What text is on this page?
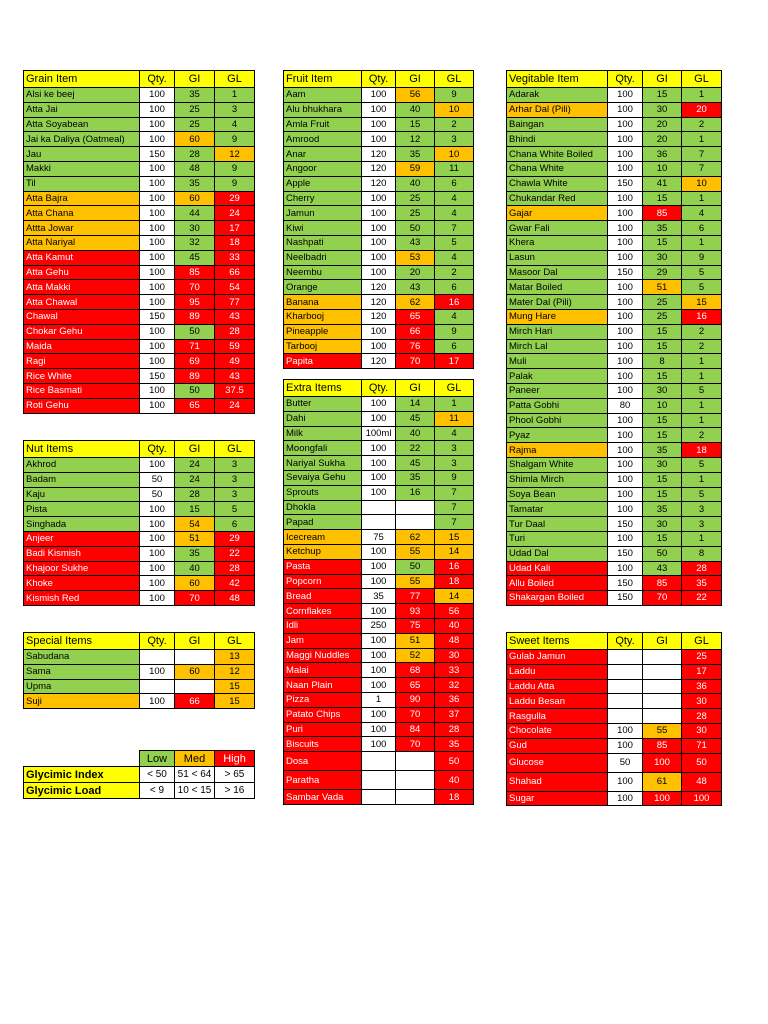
Grain Item	Qty.	GI	GL
Alsi ke beej	100	35	1
Atta Jai	100	25	3
Atta Soyabean	100	25	4
Jai ka Daliya (Oatmeal)	100	60	9
Jau	150	28	12
Makki	100	48	9
Til	100	35	9
Atta Bajra	100	60	29
Atta Chana	100	44	24
Attta Jowar	100	30	17
Atta Nariyal	100	32	18
Atta Kamut	100	45	33
Atta Gehu	100	85	66
Atta Makki	100	70	54
Atta Chawal	100	95	77
Chawal	150	89	43
Chokar Gehu	100	50	28
Maida	100	71	59
Ragi	100	69	49
Rice White	150	89	43
Rice Basmati	100	50	37.5
Roti Gehu	100	65	24
Fruit Item	Qty.	GI	GL
Aam	100	56	9
Alu bhukhara	100	40	10
Amla Fruit	100	15	2
Amrood	100	12	3
Anar	120	35	10
Angoor	120	59	11
Apple	120	40	6
Cherry	100	25	4
Jamun	100	25	4
Kiwi	100	50	7
Nashpati	100	43	5
Neelbadri	100	53	4
Neembu	100	20	2
Orange	120	43	6
Banana	120	62	16
Kharbooj	120	65	4
Pineapple	100	66	9
Tarbooj	100	76	6
Papita	120	70	17
Vegitable Item	Qty.	GI	GL
Adarak	100	15	1
Arhar Dal (Pili)	100	30	20
Baingan	100	20	2
Bhindi	100	20	1
Chana White Boiled	100	36	7
Chana White	100	10	7
Chawla White	150	41	10
Chukandar Red	100	15	1
Gajar	100	85	4
Gwar Fali	100	35	6
Khera	100	15	1
Lasun	100	30	9
Masoor Dal	150	29	5
Matar Boiled	100	51	5
Mater Dal (Pili)	100	25	15
Mung Hare	100	25	16
Mirch Hari	100	15	2
Mirch Lal	100	15	2
Muli	100	8	1
Palak	100	15	1
Paneer	100	30	5
Patta Gobhi	80	10	1
Phool Gobhi	100	15	1
Pyaz	100	15	2
Rajma	100	35	18
Shalgam White	100	30	5
Shimla Mirch	100	15	1
Soya Bean	100	15	5
Tamatar	100	35	3
Tur Daal	150	30	3
Turi	100	15	1
Udad Dal	150	50	8
Udad Kali	100	43	28
Allu Boiled	150	85	35
Shakargan Boiled	150	70	22
Nut Items	Qty.	GI	GL
Akhrod	100	24	3
Badam	50	24	3
Kaju	50	28	3
Pista	100	15	5
Singhada	100	54	6
Anjeer	100	51	29
Badi Kismish	100	35	22
Khajoor Sukhe	100	40	28
Khoke	100	60	42
Kismish Red	100	70	48
Extra Items	Qty.	GI	GL
Butter	100	14	1
Dahi	100	45	11
Milk	100ml	40	4
Moongfali	100	22	3
Nariyal Sukha	100	45	3
Sevaiya Gehu	100	35	9
Sprouts	100	16	7
Dhokla			7
Papad			7
Icecream	75	62	15
Ketchup	100	55	14
Pasta	100	50	16
Popcorn	100	55	18
Bread	35	77	14
Cornflakes	100	93	56
Idli	250	75	40
Jam	100	51	48
Maggi Nuddles	100	52	30
Malai	100	68	33
Naan Plain	100	65	32
Pizza	1	90	36
Patato Chips	100	70	37
Puri	100	84	28
Biscuits	100	70	35
Dosa			50
Paratha			40
Sambar Vada			18
Special Items	Qty.	GI	GL
Sabudana			13
Sama	100	60	12
Upma			15
Suji	100	66	15
Sweet Items	Qty.	GI	GL
Gulab Jamun			25
Laddu			17
Laddu Atta			36
Laddu Besan			30
Rasgulla			28
Chocolate	100	55	30
Gud	100	85	71
Glucose	50	100	50
Shahad	100	61	48
Sugar	100	100	100
	Low	Med	High
Glycimic Index	< 50	51 < 64	> 65
Glycimic Load	< 9	10 < 15	> 16
